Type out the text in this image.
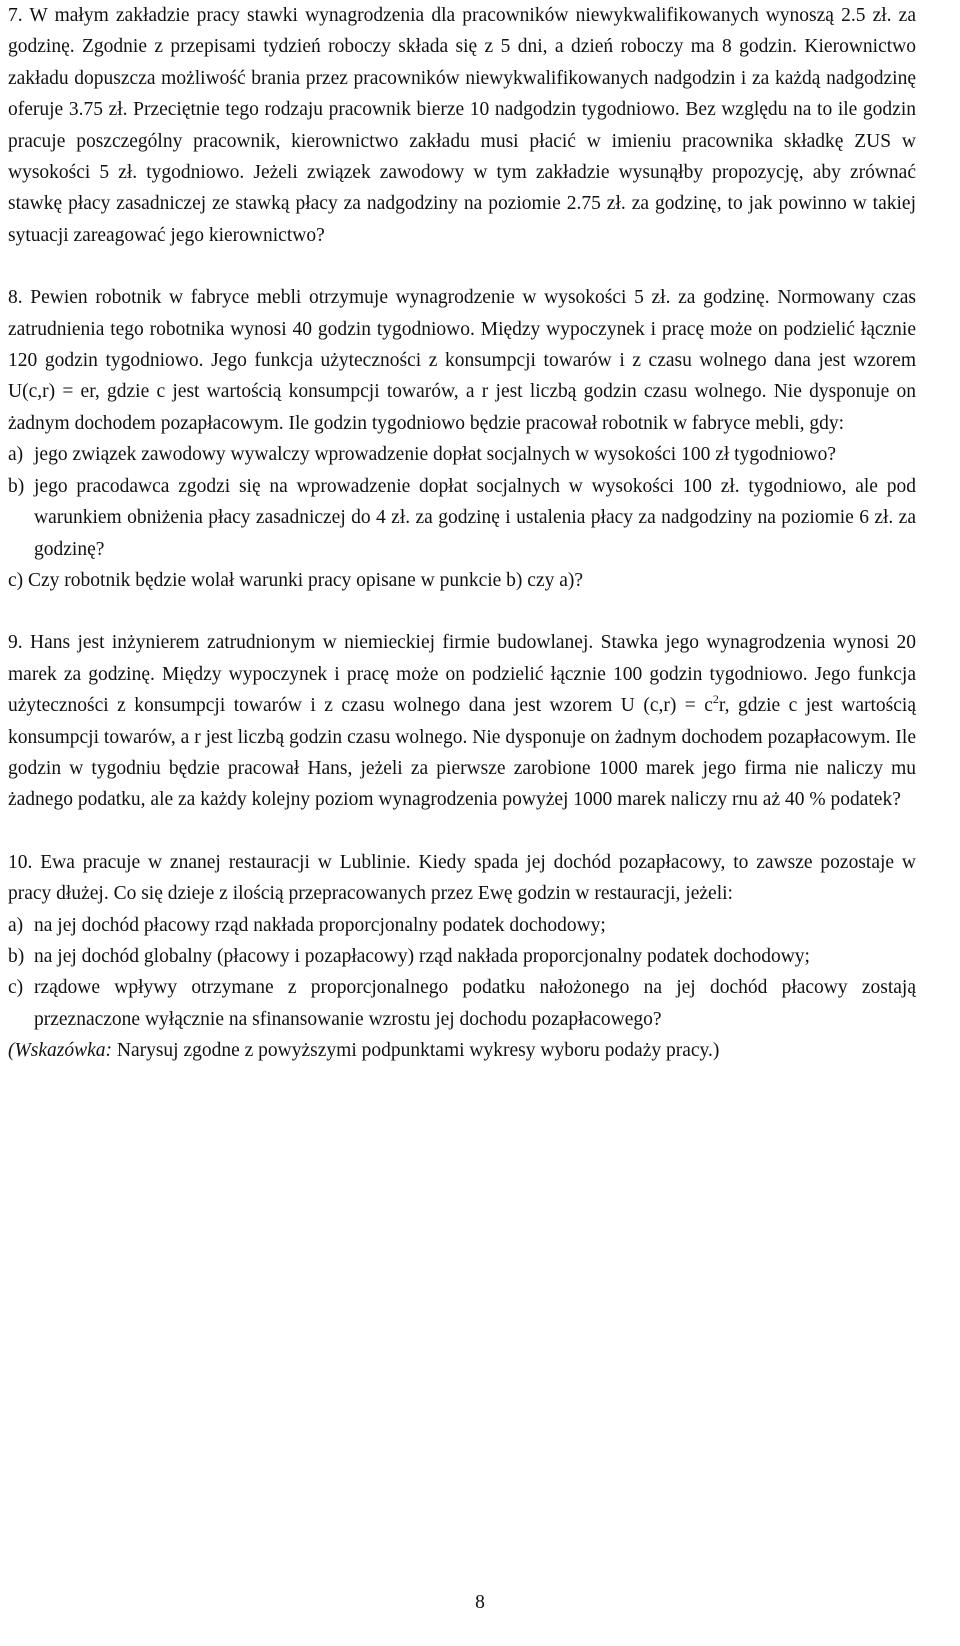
7. W małym zakładzie pracy stawki wynagrodzenia dla pracowników niewykwalifikowanych wynoszą 2.5 zł. za godzinę. Zgodnie z przepisami tydzień roboczy składa się z 5 dni, a dzień roboczy ma 8 godzin. Kierownictwo zakładu dopuszcza możliwość brania przez pracowników niewykwalifikowanych nadgodzin i za każdą nadgodzinę oferuje 3.75 zł. Przeciętnie tego rodzaju pracownik bierze 10 nadgodzin tygodniowo. Bez względu na to ile godzin pracuje poszczególny pracownik, kierownictwo zakładu musi płacić w imieniu pracownika składkę ZUS w wysokości 5 zł. tygodniowo. Jeżeli związek zawodowy w tym zakładzie wysunąłby propozycję, aby zrównać stawkę płacy zasadniczej ze stawką płacy za nadgodziny na poziomie 2.75 zł. za godzinę, to jak powinno w takiej sytuacji zareagować jego kierownictwo?

8. Pewien robotnik w fabryce mebli otrzymuje wynagrodzenie w wysokości 5 zł. za godzinę. Normowany czas zatrudnienia tego robotnika wynosi 40 godzin tygodniowo. Między wypoczynek i pracę może on podzielić łącznie 120 godzin tygodniowo. Jego funkcja użyteczności z konsumpcji towarów i z czasu wolnego dana jest wzorem U(c,r) = er, gdzie c jest wartością konsumpcji towarów, a r jest liczbą godzin czasu wolnego. Nie dysponuje on żadnym dochodem pozapłacowym. Ile godzin tygodniowo będzie pracował robotnik w fabryce mebli, gdy:

a) jego związek zawodowy wywalczy wprowadzenie dopłat socjalnych w wysokości 100 zł tygodniowo?
b) jego pracodawca zgodzi się na wprowadzenie dopłat socjalnych w wysokości 100 zł. tygodniowo, ale pod warunkiem obniżenia płacy zasadniczej do 4 zł. za godzinę i ustalenia płacy za nadgodziny na poziomie 6 zł. za godzinę?

c) Czy robotnik będzie wolał warunki pracy opisane w punkcie b) czy a)?

9. Hans jest inżynierem zatrudnionym w niemieckiej firmie budowlanej. Stawka jego wynagrodzenia wynosi 20 marek za godzinę. Między wypoczynek i pracę może on podzielić łącznie 100 godzin tygodniowo. Jego funkcja użyteczności z konsumpcji towarów i z czasu wolnego dana jest wzorem U $(c,r) = c^2r$, gdzie c jest wartością konsumpcji towarów, a r jest liczbą godzin czasu wolnego. Nie dysponuje on żadnym dochodem pozapłacowym. Ile godzin w tygodniu będzie pracował Hans, jeżeli za pierwsze zarobione 1000 marek jego firma nie naliczy mu żadnego podatku, ale za każdy kolejny poziom wynagrodzenia powyżej 1000 marek naliczy rnu aż 40 % podatek?

10. Ewa pracuje w znanej restauracji w Lublinie. Kiedy spada jej dochód pozapłacowy, to zawsze pozostaje w pracy dłużej. Co się dzieje z ilością przepracowanych przez Ewę godzin w restauracji, jeżeli:

a) na jej dochód płacowy rząd nakłada proporcjonalny podatek dochodowy;
b) na jej dochód globalny (płacowy i pozapłacowy) rząd nakłada proporcjonalny podatek dochodowy;
c) rządowe wpływy otrzymane z proporcjonalnego podatku nałożonego na jej dochód płacowy zostają przeznaczone wyłącznie na sfinansowanie wzrostu jej dochodu pozapłacowego?

(Wskazówka: Narysuj zgodne z powyższymi podpunktami wykresy wyboru podaży pracy.)

8
